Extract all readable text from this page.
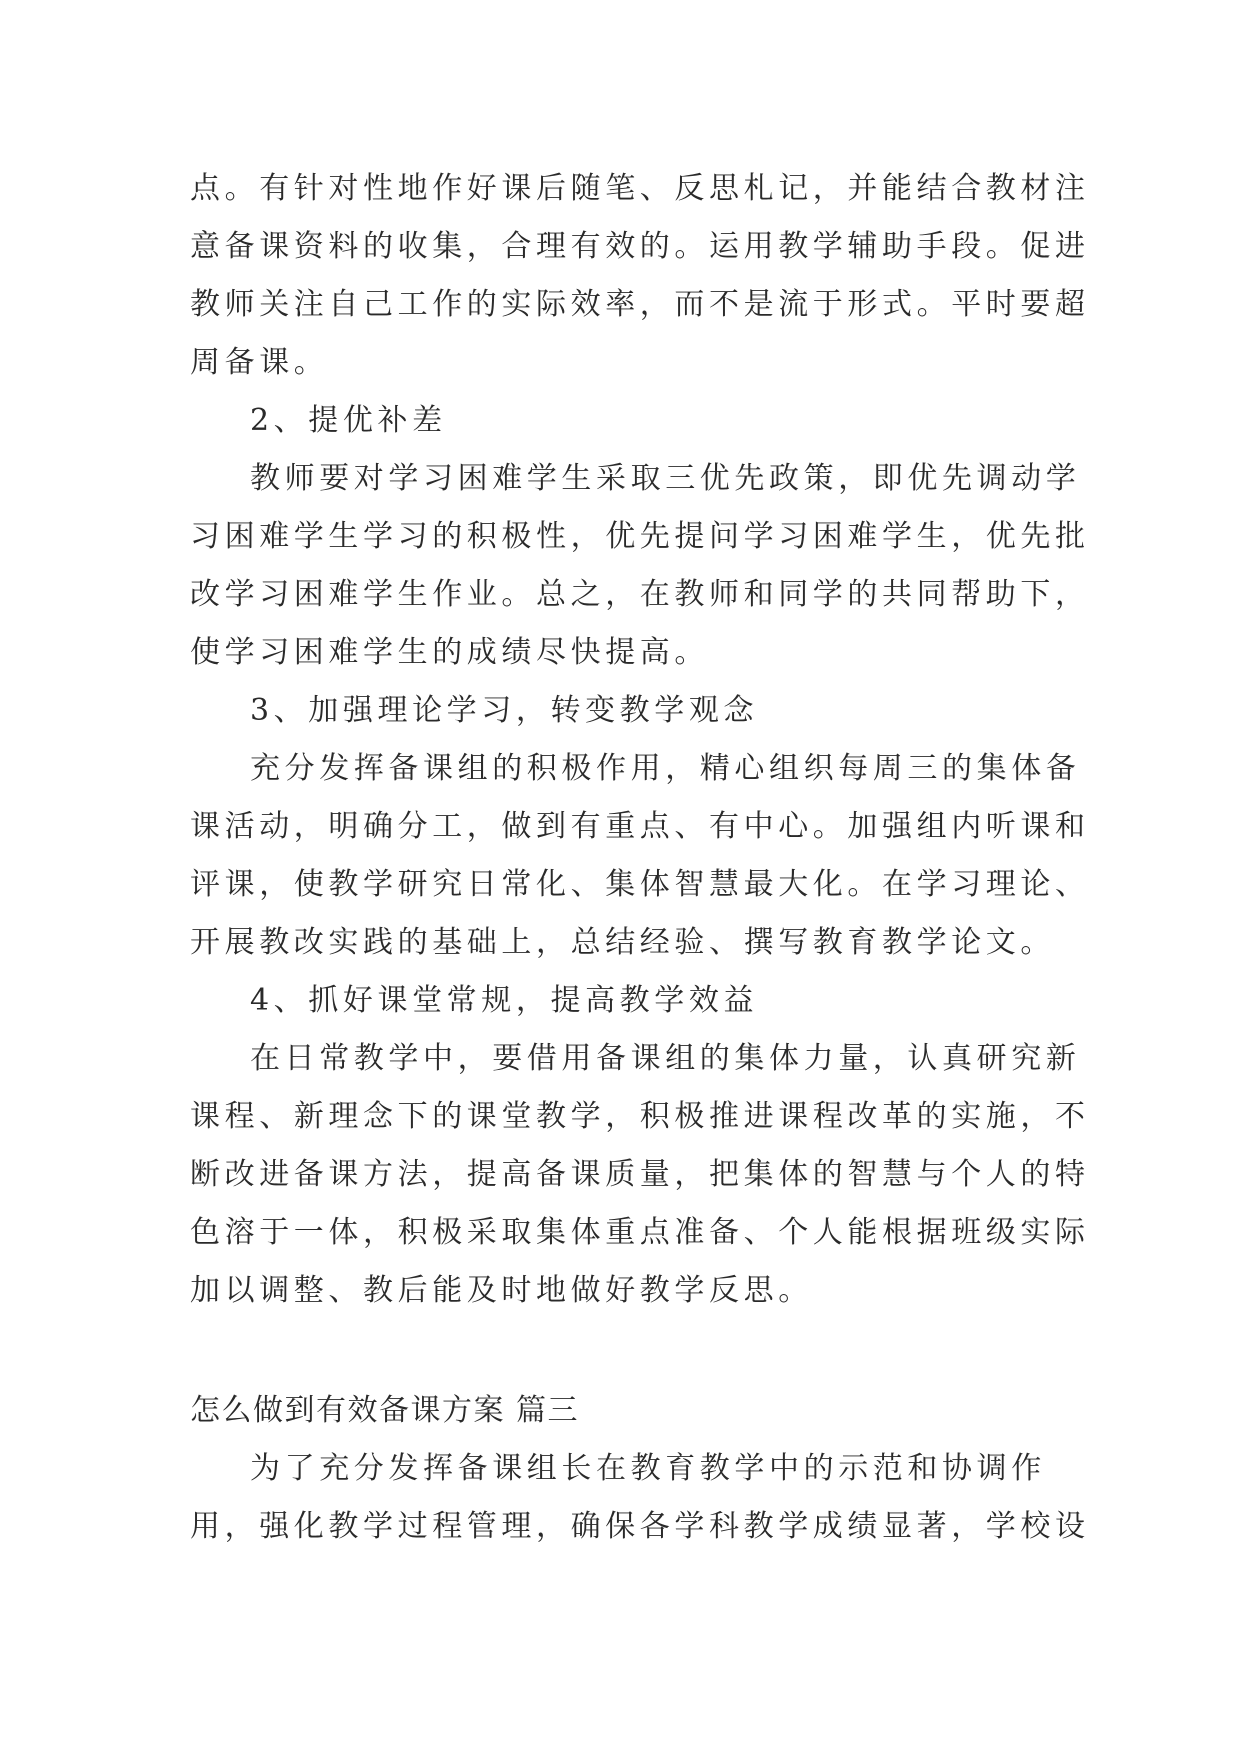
点。有针对性地作好课后随笔、反思札记，并能结合教材注
意备课资料的收集，合理有效的。运用教学辅助手段。促进
教师关注自己工作的实际效率，而不是流于形式。平时要超
周备课。
2、提优补差
教师要对学习困难学生采取三优先政策，即优先调动学
习困难学生学习的积极性，优先提问学习困难学生，优先批
改学习困难学生作业。总之，在教师和同学的共同帮助下，
使学习困难学生的成绩尽快提高。
3、加强理论学习，转变教学观念
充分发挥备课组的积极作用，精心组织每周三的集体备
课活动，明确分工，做到有重点、有中心。加强组内听课和
评课，使教学研究日常化、集体智慧最大化。在学习理论、
开展教改实践的基础上，总结经验、撰写教育教学论文。
4、抓好课堂常规，提高教学效益
在日常教学中，要借用备课组的集体力量，认真研究新
课程、新理念下的课堂教学，积极推进课程改革的实施，不
断改进备课方法，提高备课质量，把集体的智慧与个人的特
色溶于一体，积极采取集体重点准备、个人能根据班级实际
加以调整、教后能及时地做好教学反思。
怎么做到有效备课方案 篇三
为了充分发挥备课组长在教育教学中的示范和协调作
用，强化教学过程管理，确保各学科教学成绩显著，学校设
